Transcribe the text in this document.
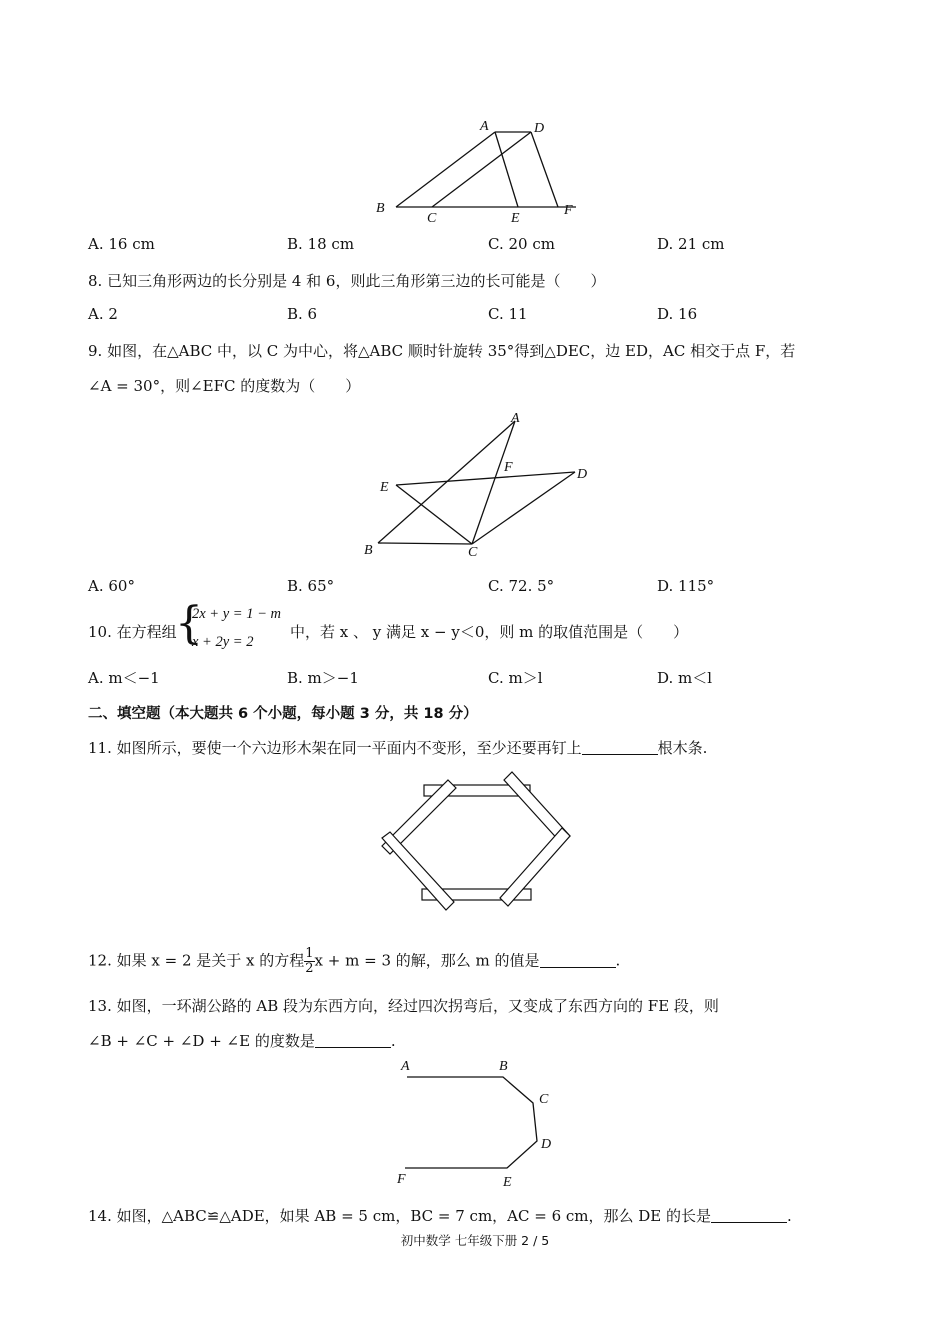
A	D
B
C	E
F
A. 16 cm	B. 18 cm	C. 20 cm	D. 21 cm
8. 已知三角形两边的长分别是 4 和 6，则此三角形第三边的长可能是（　　）
A. 2	B. 6	C. 11	D. 16
9. 如图，在△ABC 中，以 C 为中心，将△ABC 顺时针旋转 35°得到△DEC，边 ED，AC 相交于点 F，若
∠A = 30°，则∠EFC 的度数为（　　）
A
F	D
E
B	C
A. 60°	B. 65°	C. 72. 5°	D. 115°
10. 在方程组
{
2x + y = 1 − m
x + 2y = 2
中，若 x 、 y 满足 x − y＜0，则 m 的取值范围是（　　）
A. m＜−1	B. m＞−1	C. m＞l	D. m＜l
二、填空题（本大题共 6 个小题，每小题 3 分，共 18 分）
11. 如图所示，要使一个六边形木架在同一平面内不变形，至少还要再钉上	根木条.
12. 如果 x = 2 是关于 x 的方程 $\frac{1}{2}$ x + m = 3 的解，那么 m 的值是	.
13. 如图，一环湖公路的 AB 段为东西方向，经过四次拐弯后，又变成了东西方向的 FE 段，则
∠B + ∠C + ∠D + ∠E 的度数是	.
A	B
C
D
E
F
14. 如图，△ABC≌△ADE，如果 AB = 5 cm，BC = 7 cm，AC = 6 cm，那么 DE 的长是	.
初中数学 七年级下册 2 / 5
